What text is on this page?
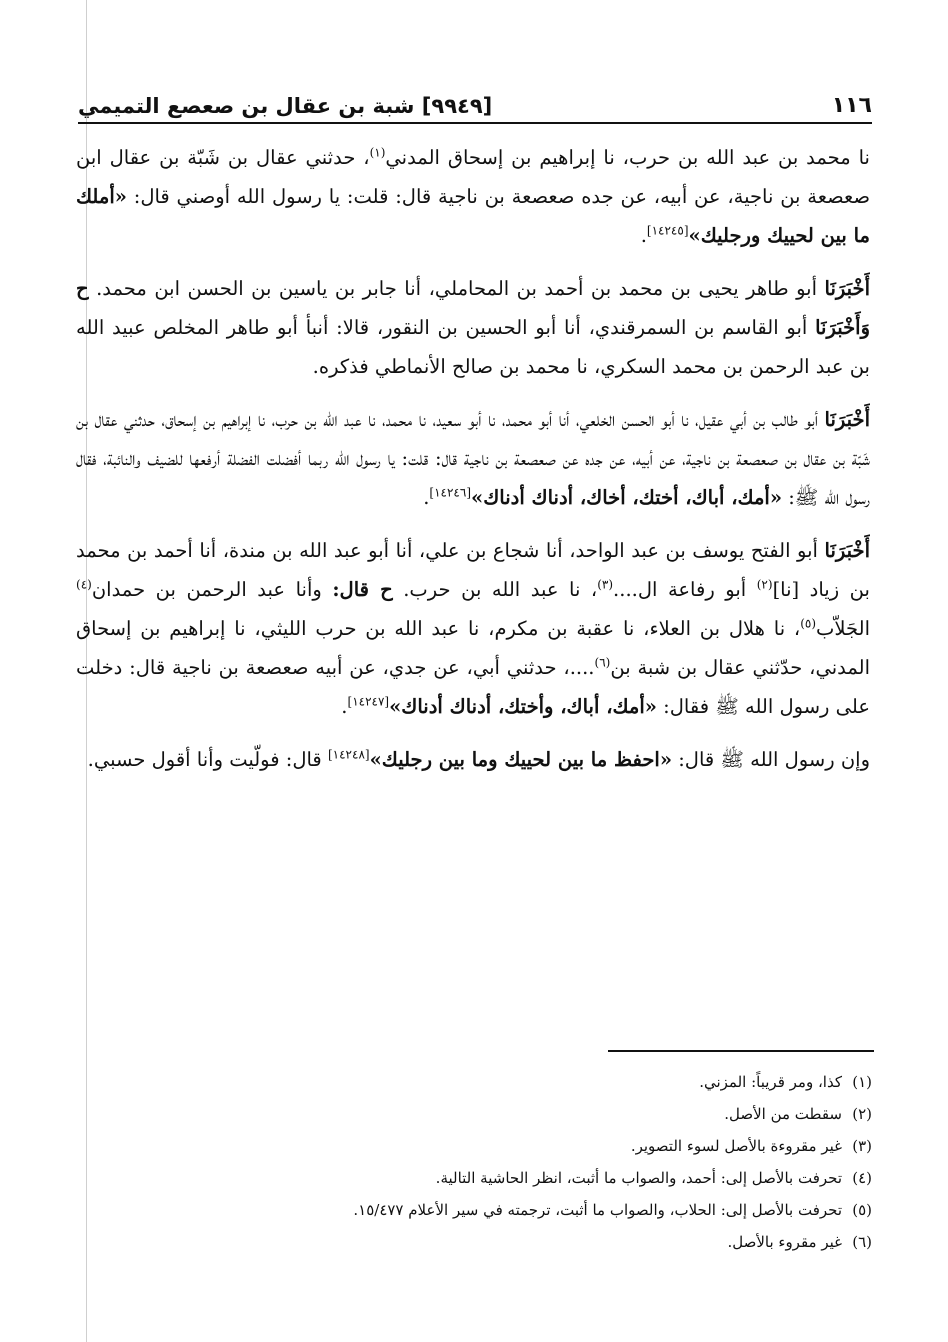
١١٦
[٩٩٤٩] شبة بن عقال بن صعصع التميمي

نا محمد بن عبد الله بن حرب، نا إبراهيم بن إسحاق المدني$^{(١)}$، حدثني عقال بن شَبّة بن عقال ابن صعصعة بن ناجية، عن أبيه، عن جده صعصعة بن ناجية قال: قلت: يا رسول الله أوصني قال: «أملك ما بين لحييك ورجليك»[١٤٢٤٥].

أَخْبَرَنَا أبو طاهر يحيى بن محمد بن أحمد بن المحاملي، أنا جابر بن ياسين بن الحسن ابن محمد. ح وَأَخْبَرَنَا أبو القاسم بن السمرقندي، أنا أبو الحسين بن النقور، قالا: أنبأ أبو طاهر المخلص عبيد الله بن عبد الرحمن بن محمد السكري، نا محمد بن صالح الأنماطي فذكره.

أَخْبَرَنَا أبو طالب بن أبي عقيل، نا أبو الحسن الخلعي، أنا أبو محمد، نا أبو سعيد، نا محمد، نا عبد الله بن حرب، نا إبراهيم بن إسحاق، حدثني عقال بن شَبّة بن عقال بن صعصعة بن ناجية، عن أبيه، عن جده عن صعصعة بن ناجية قال: قلت: يا رسول الله ربما أفضلت الفضلة أرفعها للضيف والنائبة، فقال رسول الله ﷺ: «أمك، أباك، أختك، أخاك، أدناك أدناك»[١٤٢٤٦].

أَخْبَرَنَا أبو الفتح يوسف بن عبد الواحد، أنا شجاع بن علي، أنا أبو عبد الله بن مندة، أنا أحمد بن محمد بن زياد [نا]$^{(٢)}$ أبو رفاعة ال....$^{(٣)}$، نا عبد الله بن حرب. ح قال: وأنا عبد الرحمن بن حمدان$^{(٤)}$ الجَلاّب$^{(٥)}$، نا هلال بن العلاء، نا عقبة بن مكرم، نا عبد الله بن حرب الليثي، نا إبراهيم بن إسحاق المدني، حدّثني عقال بن شبة بن$^{(٦)}$....، حدثني أبي، عن جدي، عن أبيه صعصعة بن ناجية قال: دخلت على رسول الله ﷺ فقال: «أمك، أباك، وأختك، أدناك أدناك»[١٤٢٤٧].

وإن رسول الله ﷺ قال: «احفظ ما بين لحييك وما بين رجليك»[١٤٢٤٨] قال: فولّيت وأنا أقول حسبي.

(١)كذا، ومر قريباً: المزني.
(٢)سقطت من الأصل.
(٣)غير مقروءة بالأصل لسوء التصوير.
(٤)تحرفت بالأصل إلى: أحمد، والصواب ما أثبت، انظر الحاشية التالية.
(٥)تحرفت بالأصل إلى: الحلاب، والصواب ما أثبت، ترجمته في سير الأعلام ١٥/٤٧٧.
(٦)غير مقروء بالأصل.
